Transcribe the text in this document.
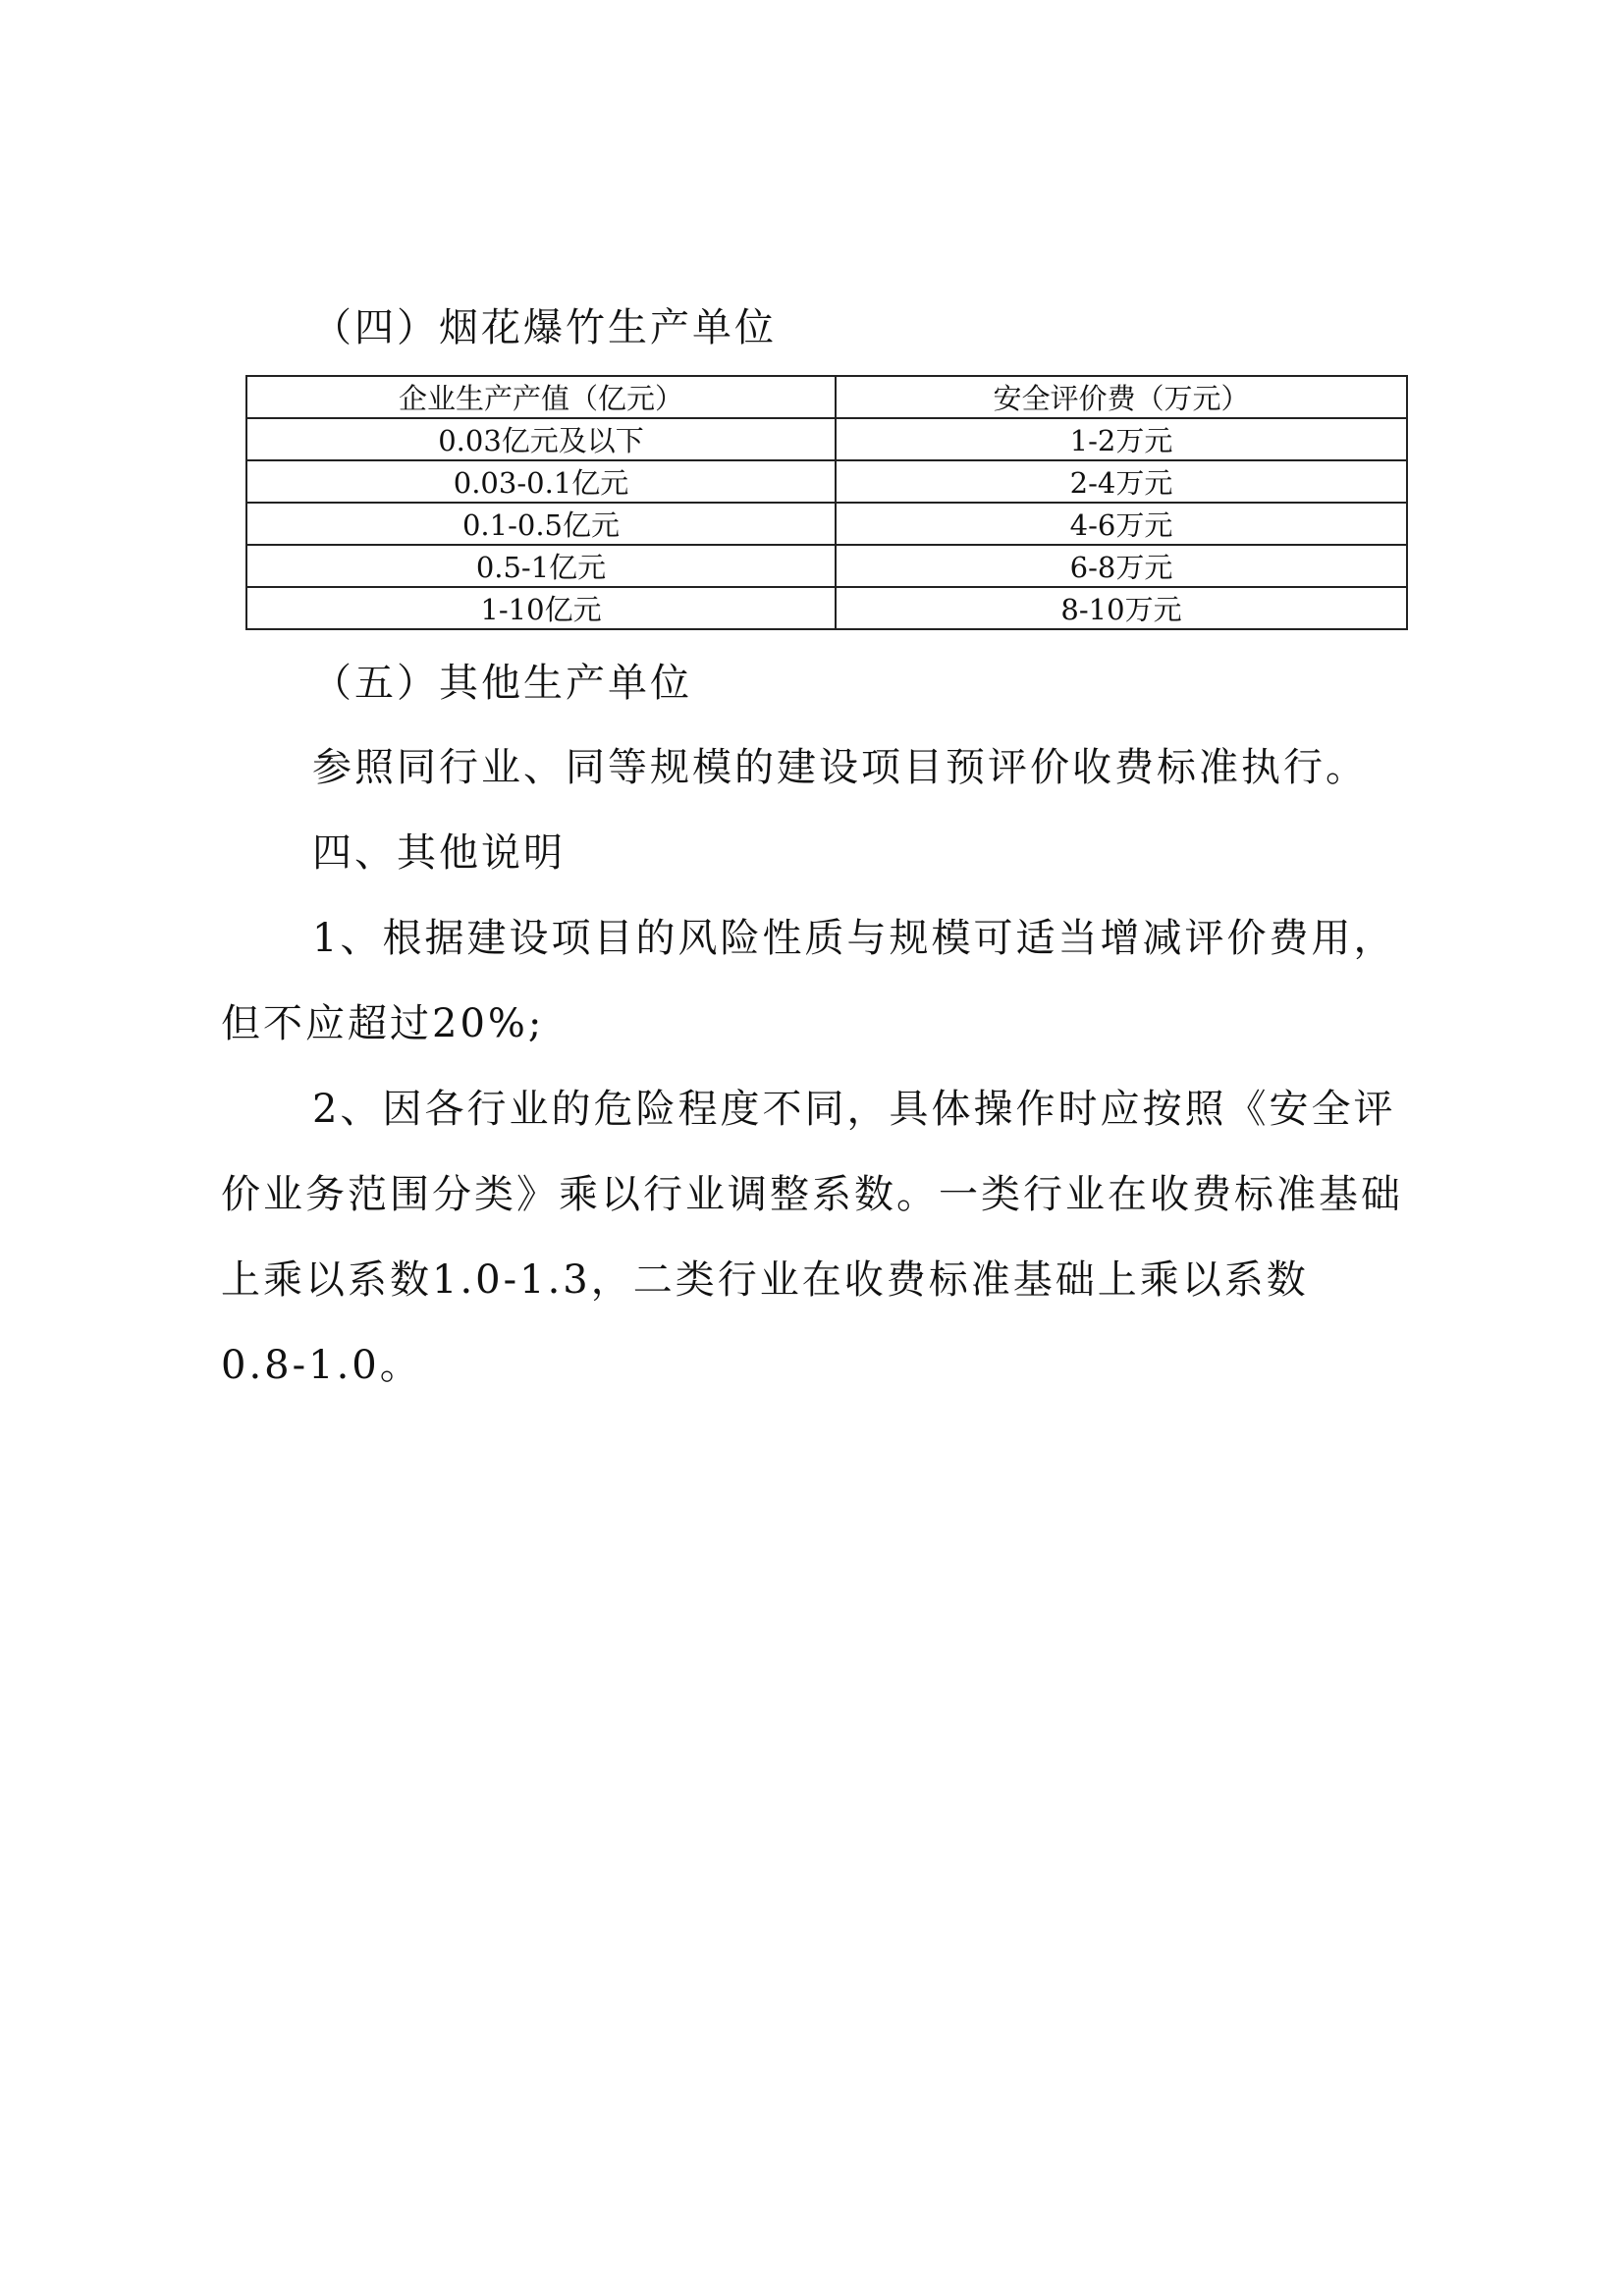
（四）烟花爆竹生产单位
企业生产产值（亿元）	安全评价费（万元）
0.03亿元及以下	1-2万元
0.03-0.1亿元	2-4万元
0.1-0.5亿元	4-6万元
0.5-1亿元	6-8万元
1-10亿元	8-10万元
（五）其他生产单位
参照同行业、同等规模的建设项目预评价收费标准执行。
四、其他说明
1、根据建设项目的风险性质与规模可适当增减评价费用，
但不应超过20%;
2、因各行业的危险程度不同，具体操作时应按照《安全评
价业务范围分类》乘以行业调整系数。一类行业在收费标准基础
上乘以系数1.0-1.3，二类行业在收费标准基础上乘以系数
0.8-1.0。
